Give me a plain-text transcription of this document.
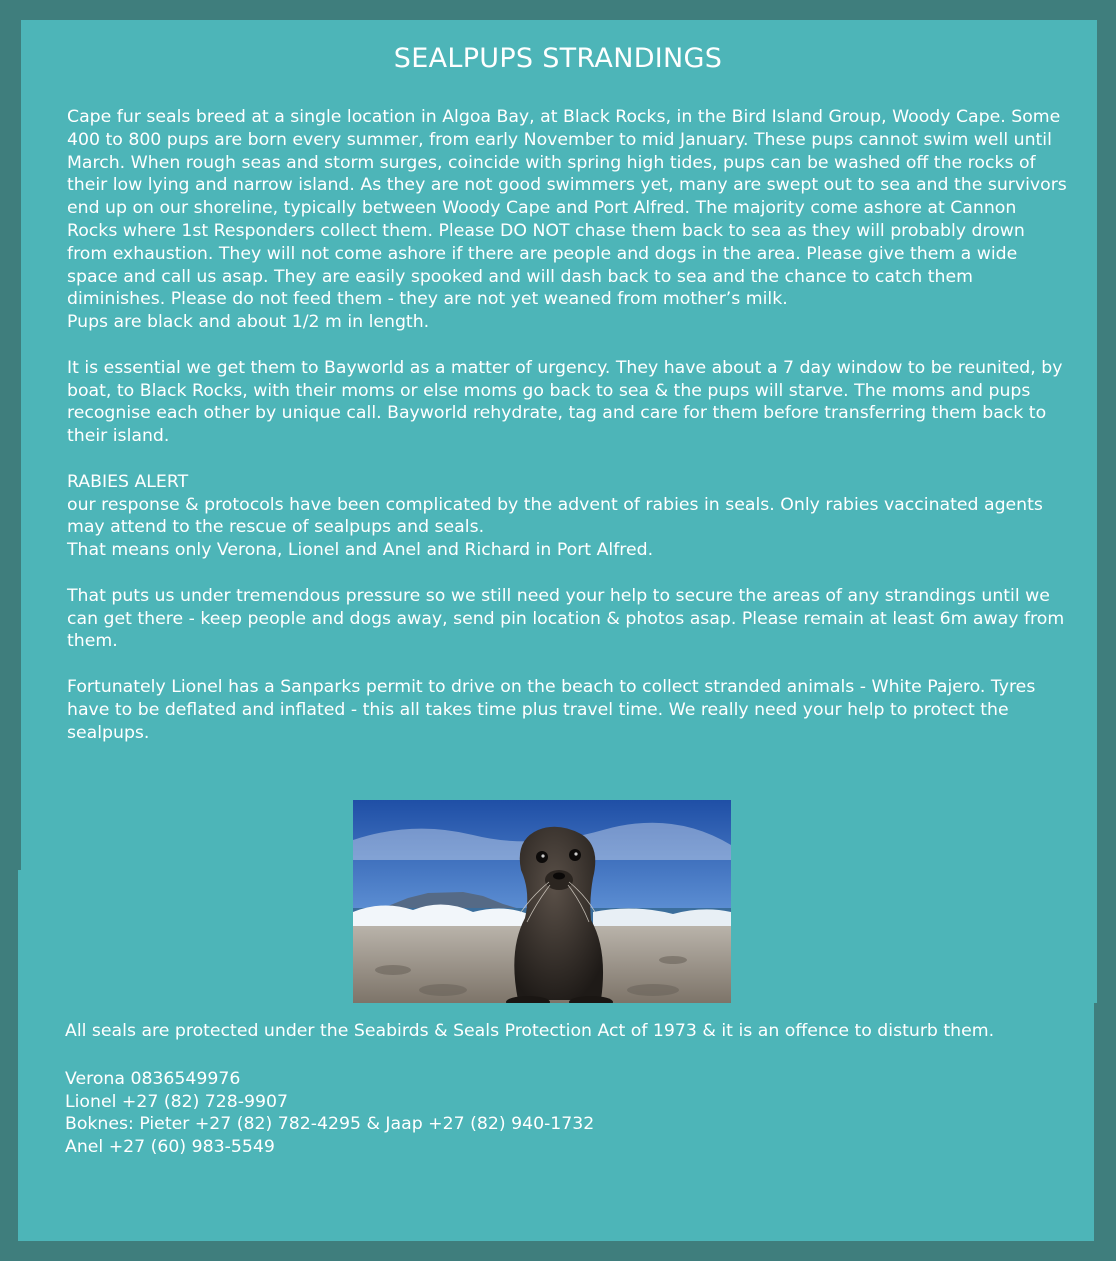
SEALPUPS STRANDINGS

Cape fur seals breed at a single location in Algoa Bay, at Black Rocks, in the Bird Island Group, Woody Cape. Some 400 to 800 pups are born every summer, from early November to mid January. These pups cannot swim well until March. When rough seas and storm surges, coincide with spring high tides, pups can be washed off the rocks of their low lying and narrow island. As they are not good swimmers yet, many are swept out to sea and the survivors end up on our shoreline, typically between Woody Cape and Port Alfred. The majority come ashore at Cannon Rocks where 1st Responders collect them. Please DO NOT chase them back to sea as they will probably drown from exhaustion. They will not come ashore if there are people and dogs in the area. Please give them a wide space and call us asap. They are easily spooked and will dash back to sea and the chance to catch them diminishes. Please do not feed them - they are not yet weaned from mother’s milk.

Pups are black and about 1/2 m in length.

It is essential we get them to Bayworld as a matter of urgency. They have about a 7 day window to be reunited, by boat, to Black Rocks, with their moms or else moms go back to sea & the pups will starve. The moms and pups recognise each other by unique call. Bayworld rehydrate, tag and care for them before transferring them back to their island.

RABIES ALERT

our response & protocols have been complicated by the advent of rabies in seals. Only rabies vaccinated agents may attend to the rescue of sealpups and seals.

That means only Verona, Lionel and Anel and Richard in Port Alfred.

That puts us under tremendous pressure so we still need your help to secure the areas of any strandings until we can get there - keep people and dogs away, send pin location & photos asap. Please remain at least 6m away from them.

Fortunately Lionel has a Sanparks permit to drive on the beach to collect stranded animals - White Pajero. Tyres have to be deflated and inflated - this all takes time plus travel time. We really need your help to protect the sealpups.

All seals are protected under the Seabirds & Seals Protection Act of 1973 & it is an offence to disturb them.

Verona 0836549976

Lionel +27 (82) 728-9907

Boknes: Pieter +27 (82) 782-4295 & Jaap +27 (82) 940-1732

Anel +27 (60) 983-5549
